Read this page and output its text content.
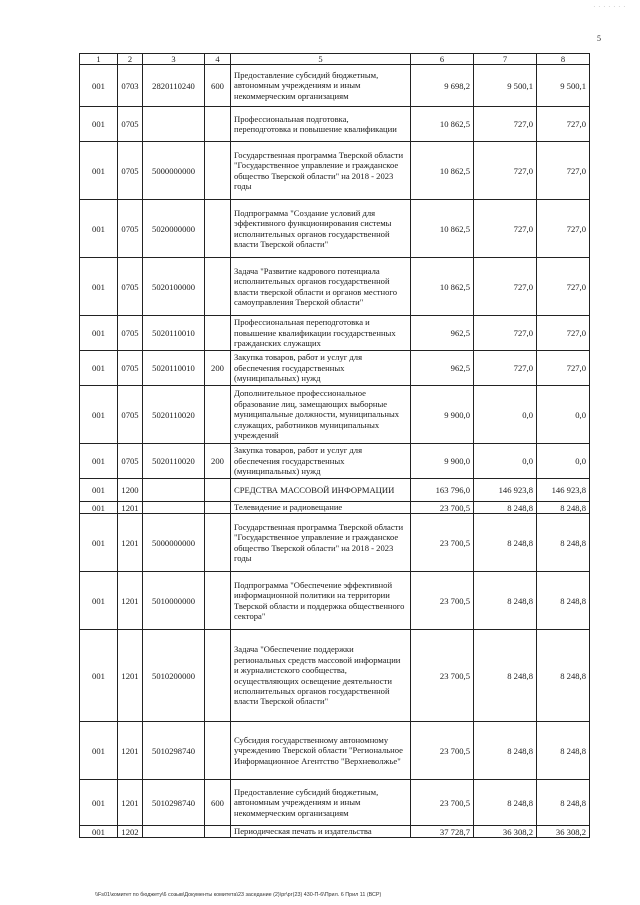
. . . . . . .
5
1	2	3	4	5	6	7	8
001	0703	2820110240	600	Предоставление субсидий бюджетным, автономным учреждениям и иным некоммерческим организациям	9 698,2	9 500,1	9 500,1
001	0705			Профессиональная подготовка, переподготовка и повышение квалификации	10 862,5	727,0	727,0
001	0705	5000000000		Государственная программа Тверской области "Государственное управление и гражданское общество Тверской области" на 2018 - 2023 годы	10 862,5	727,0	727,0
001	0705	5020000000		Подпрограмма "Создание условий для эффективного функционирования системы исполнительных органов государственной власти Тверской области"	10 862,5	727,0	727,0
001	0705	5020100000		Задача "Развитие кадрового потенциала исполнительных органов государственной власти тверской области и органов местного самоуправления Тверской области"	10 862,5	727,0	727,0
001	0705	5020110010		Профессиональная переподготовка и повышение квалификации государственных гражданских служащих	962,5	727,0	727,0
001	0705	5020110010	200	Закупка товаров, работ и услуг для обеспечения государственных (муниципальных) нужд	962,5	727,0	727,0
001	0705	5020110020		Дополнительное профессиональное образование лиц, замещающих выборные муниципальные должности, муниципальных служащих, работников муниципальных учреждений	9 900,0	0,0	0,0
001	0705	5020110020	200	Закупка товаров, работ и услуг для обеспечения государственных (муниципальных) нужд	9 900,0	0,0	0,0
001	1200			СРЕДСТВА МАССОВОЙ ИНФОРМАЦИИ	163 796,0	146 923,8	146 923,8
001	1201			Телевидение и радиовещание	23 700,5	8 248,8	8 248,8
001	1201	5000000000		Государственная программа Тверской области "Государственное управление и гражданское общество Тверской области" на 2018 - 2023 годы	23 700,5	8 248,8	8 248,8
001	1201	5010000000		Подпрограмма "Обеспечение эффективной информационной политики на территории Тверской области и поддержка общественного сектора"	23 700,5	8 248,8	8 248,8
001	1201	5010200000		Задача "Обеспечение поддержки региональных средств массовой информации и журналистского сообщества, осуществляющих освещение деятельности исполнительных органов государственной власти Тверской области"	23 700,5	8 248,8	8 248,8
001	1201	5010298740		Субсидия государственному автономному учреждению Тверской области "Региональное Информационное Агентство "Верхневолжье"	23 700,5	8 248,8	8 248,8
001	1201	5010298740	600	Предоставление субсидий бюджетным, автономным учреждениям и иным некоммерческим организациям	23 700,5	8 248,8	8 248,8
001	1202			Периодическая печать и издательства	37 728,7	36 308,2	36 308,2
\\Fs01\комитет по бюджету\6 созыв\Документы комитета\23 заседание (2)\рг\рг(23) 430-П-6\Прил. 6 Прил 11 (ВСР)
